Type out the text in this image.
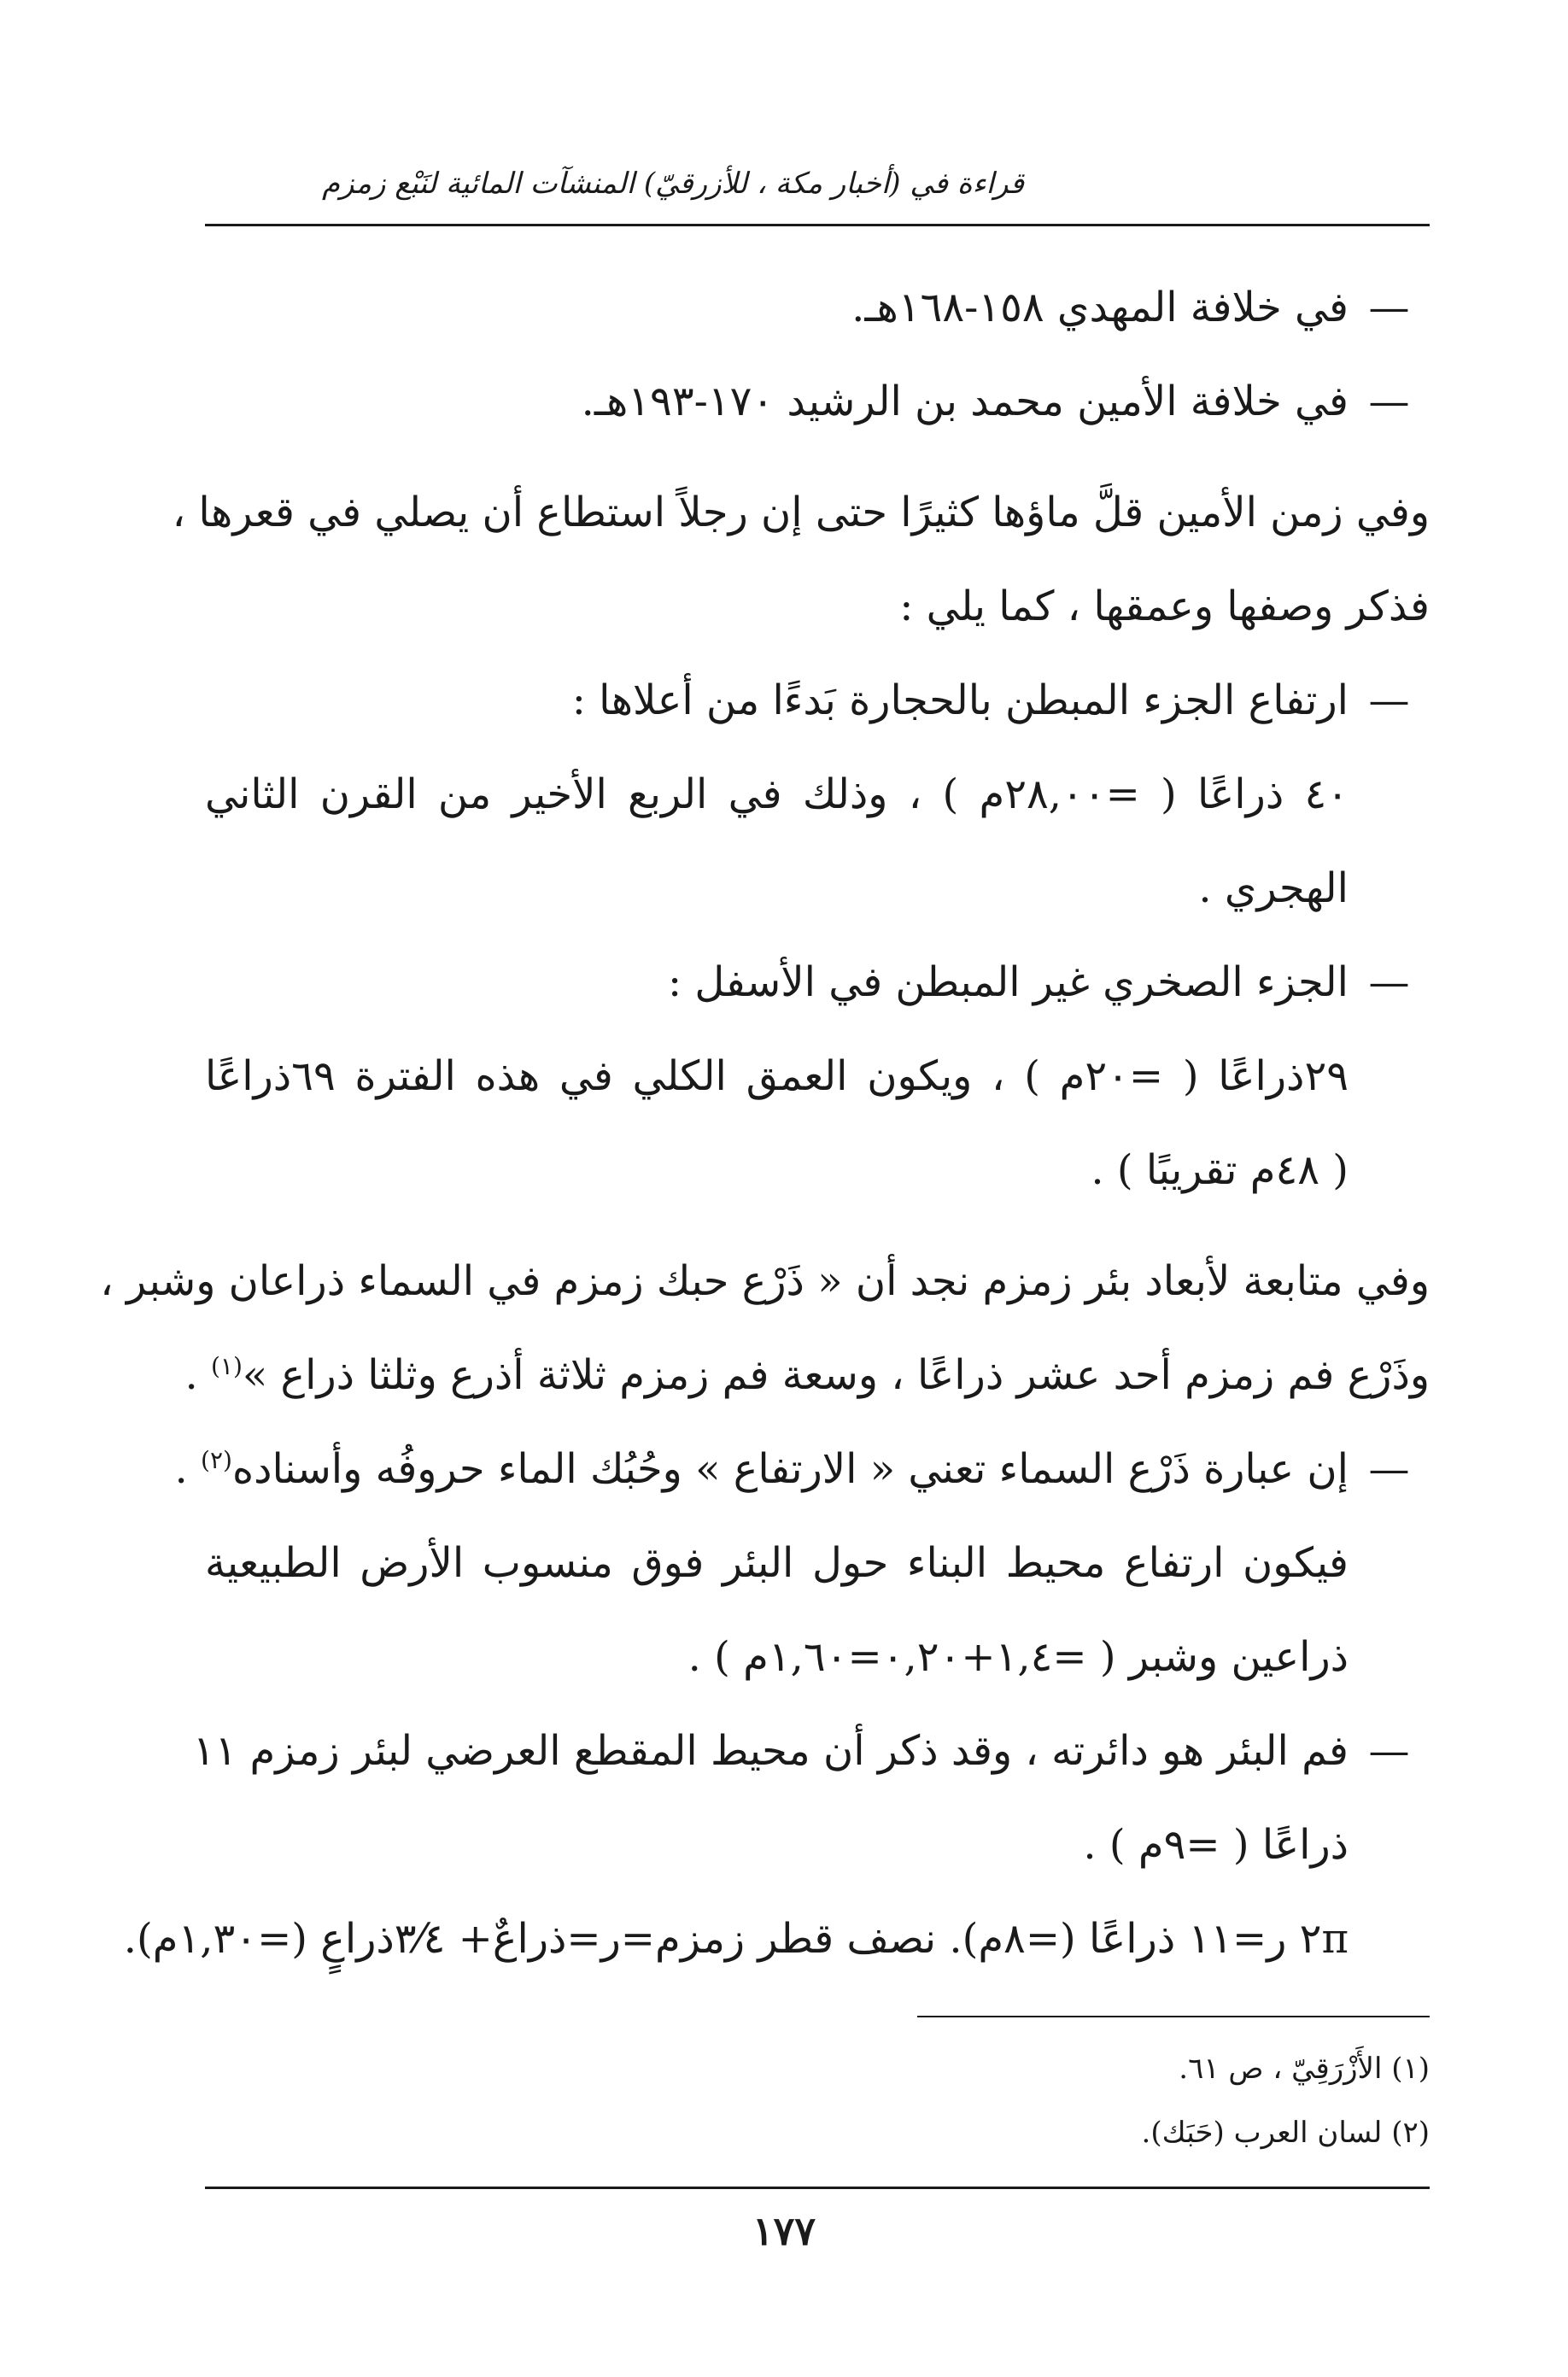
قراءة في (أخبار مكة ، للأزرقيّ) المنشآت المائية لنَبْع زمزم

—في خلافة المهدي ١٥٨-١٦٨هـ.

—في خلافة الأمين محمد بن الرشيد ١٧٠-١٩٣هـ.

وفي زمن الأمين قلَّ ماؤها كثيرًا حتى إن رجلاً استطاع أن يصلي في قعرها ،

فذكر وصفها وعمقها ، كما يلي :

—ارتفاع الجزء المبطن بالحجارة بَدءًا من أعلاها :

٤٠ ذراعًا ( =٢٨,٠٠م ) ، وذلك في الربع الأخير من القرن الثاني

الهجري .

—الجزء الصخري غير المبطن في الأسفل :

٢٩ذراعًا ( =٢٠م ) ، ويكون العمق الكلي في هذه الفترة ٦٩ذراعًا

( ٤٨م تقريبًا ) .

وفي متابعة لأبعاد بئر زمزم نجد أن « ذَرْع حبك زمزم في السماء ذراعان وشبر ،

وذَرْع فم زمزم أحد عشر ذراعًا ، وسعة فم زمزم ثلاثة أذرع وثلثا ذراع »$^{(١)}$ .

—إن عبارة ذَرْع السماء تعني « الارتفاع » وحُبُك الماء حروفُه وأسناده$^{(٢)}$ .

فيكون ارتفاع محيط البناء حول البئر فوق منسوب الأرض الطبيعية

ذراعين وشبر ( =١,٤+٠,٢٠=١,٦٠م ) .

—فم البئر هو دائرته ، وقد ذكر أن محيط المقطع العرضي لبئر زمزم ١١

ذراعًا ( =٩م ) .

٢π ر=١١ ذراعًا (=٨م). نصف قطر زمزم=ر=ذراعٌ+ ٣⁄٤ذراعٍ (=١,٣٠م).

(١) الأَزْرَقِيّ ، ص ٦١.

(٢) لسان العرب (حَبَك).

١٧٧
